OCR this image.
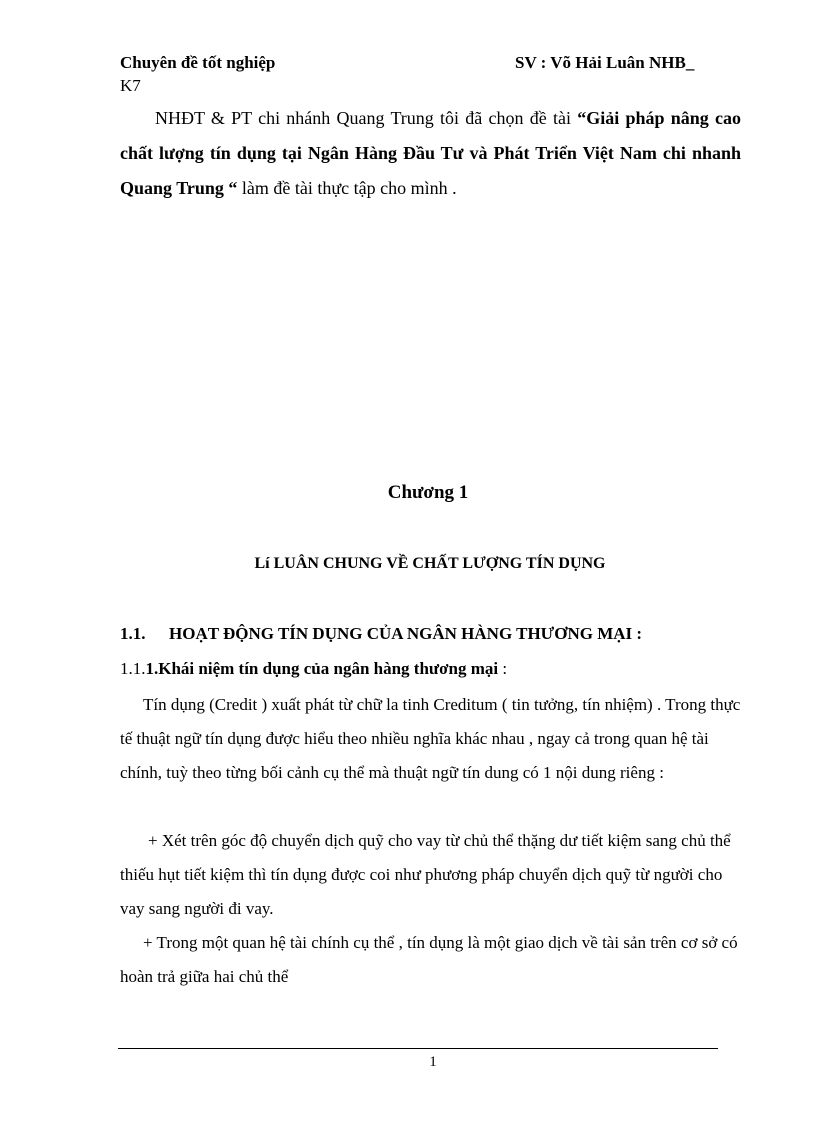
Chuyên đề tốt nghiệp	SV : Võ Hải Luân NHB_
K7

NHĐT & PT chi nhánh Quang Trung tôi đã chọn đề tài “Giải pháp nâng cao chất lượng tín dụng tại Ngân Hàng Đầu Tư và Phát Triển Việt Nam chi nhanh Quang Trung “ làm đề tài thực tập cho mình .

Chương 1
Lí LUÂN CHUNG VỀ CHẤT LƯỢNG TÍN DỤNG
1.1. HOẠT ĐỘNG TÍN DỤNG CỦA NGÂN HÀNG THƯƠNG MẠI :
1.1.1.Khái niệm tín dụng của ngân hàng thương mại :

Tín dụng (Credit ) xuất phát từ chữ la tinh Creditum ( tin tưởng, tín nhiệm) . Trong thực tế thuật ngữ tín dụng được hiểu theo nhiều nghĩa khác nhau , ngay cả trong quan hệ tài chính, tuỳ theo từng bối cảnh cụ thể mà thuật ngữ tín dung có 1 nội dung riêng :

+ Xét trên góc độ chuyển dịch quỹ cho vay từ chủ thể thặng dư tiết kiệm sang chủ thể thiếu hụt tiết kiệm thì tín dụng được coi như phương pháp chuyển dịch quỹ từ người cho vay sang người đi vay.

+ Trong một quan hệ tài chính cụ thể , tín dụng là một giao dịch về tài sản trên cơ sở có hoàn trả giữa hai chủ thể

1
